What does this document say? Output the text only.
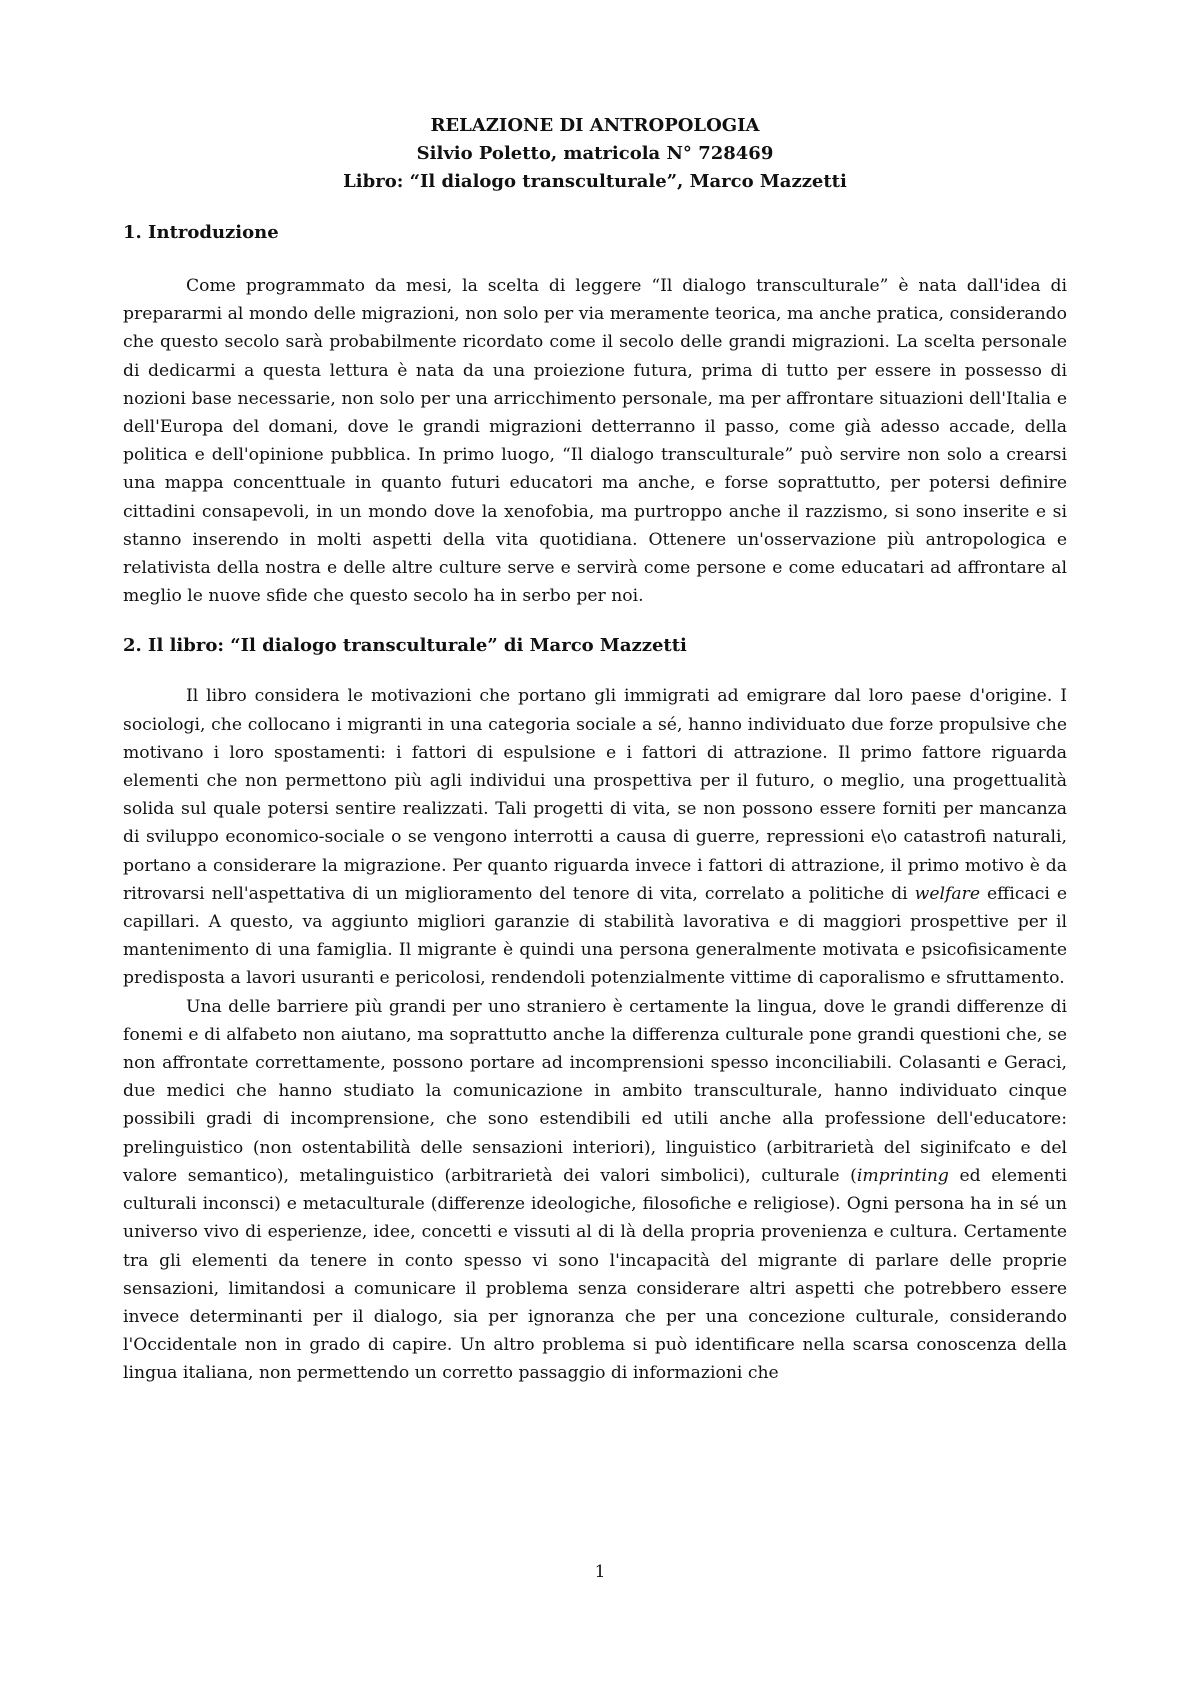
RELAZIONE DI ANTROPOLOGIA
Silvio Poletto, matricola N° 728469
Libro: “Il dialogo transculturale”, Marco Mazzetti
1. Introduzione

Come programmato da mesi, la scelta di leggere “Il dialogo transculturale” è nata dall'idea di prepararmi al mondo delle migrazioni, non solo per via meramente teorica, ma anche pratica, considerando che questo secolo sarà probabilmente ricordato come il secolo delle grandi migrazioni. La scelta personale di dedicarmi a questa lettura è nata da una proiezione futura, prima di tutto per essere in possesso di nozioni base necessarie, non solo per una arricchimento personale, ma per affrontare situazioni dell'Italia e dell'Europa del domani, dove le grandi migrazioni detterranno il passo, come già adesso accade, della politica e dell'opinione pubblica. In primo luogo, “Il dialogo transculturale” può servire non solo a crearsi una mappa concenttuale in quanto futuri educatori ma anche, e forse soprattutto, per potersi definire cittadini consapevoli, in un mondo dove la xenofobia, ma purtroppo anche il razzismo, si sono inserite e si stanno inserendo in molti aspetti della vita quotidiana. Ottenere un'osservazione più antropologica e relativista della nostra e delle altre culture serve e servirà come persone e come educatari ad affrontare al meglio le nuove sfide che questo secolo ha in serbo per noi.

2. Il libro: “Il dialogo transculturale” di Marco Mazzetti

Il libro considera le motivazioni che portano gli immigrati ad emigrare dal loro paese d'origine. I sociologi, che collocano i migranti in una categoria sociale a sé, hanno individuato due forze propulsive che motivano i loro spostamenti: i fattori di espulsione e i fattori di attrazione. Il primo fattore riguarda elementi che non permettono più agli individui una prospettiva per il futuro, o meglio, una progettualità solida sul quale potersi sentire realizzati. Tali progetti di vita, se non possono essere forniti per mancanza di sviluppo economico-sociale o se vengono interrotti a causa di guerre, repressioni e\o catastrofi naturali, portano a considerare la migrazione. Per quanto riguarda invece i fattori di attrazione, il primo motivo è da ritrovarsi nell'aspettativa di un miglioramento del tenore di vita, correlato a politiche di welfare efficaci e capillari. A questo, va aggiunto migliori garanzie di stabilità lavorativa e di maggiori prospettive per il mantenimento di una famiglia. Il migrante è quindi una persona generalmente motivata e psicofisicamente predisposta a lavori usuranti e pericolosi, rendendoli potenzialmente vittime di caporalismo e sfruttamento.

Una delle barriere più grandi per uno straniero è certamente la lingua, dove le grandi differenze di fonemi e di alfabeto non aiutano, ma soprattutto anche la differenza culturale pone grandi questioni che, se non affrontate correttamente, possono portare ad incomprensioni spesso inconciliabili. Colasanti e Geraci, due medici che hanno studiato la comunicazione in ambito transculturale, hanno individuato cinque possibili gradi di incomprensione, che sono estendibili ed utili anche alla professione dell'educatore: prelinguistico (non ostentabilità delle sensazioni interiori), linguistico (arbitrarietà del siginifcato e del valore semantico), metalinguistico (arbitrarietà dei valori simbolici), culturale (imprinting ed elementi culturali inconsci) e metaculturale (differenze ideologiche, filosofiche e religiose). Ogni persona ha in sé un universo vivo di esperienze, idee, concetti e vissuti al di là della propria provenienza e cultura. Certamente tra gli elementi da tenere in conto spesso vi sono l'incapacità del migrante di parlare delle proprie sensazioni, limitandosi a comunicare il problema senza considerare altri aspetti che potrebbero essere invece determinanti per il dialogo, sia per ignoranza che per una concezione culturale, considerando l'Occidentale non in grado di capire. Un altro problema si può identificare nella scarsa conoscenza della lingua italiana, non permettendo un corretto passaggio di informazioni che

1
